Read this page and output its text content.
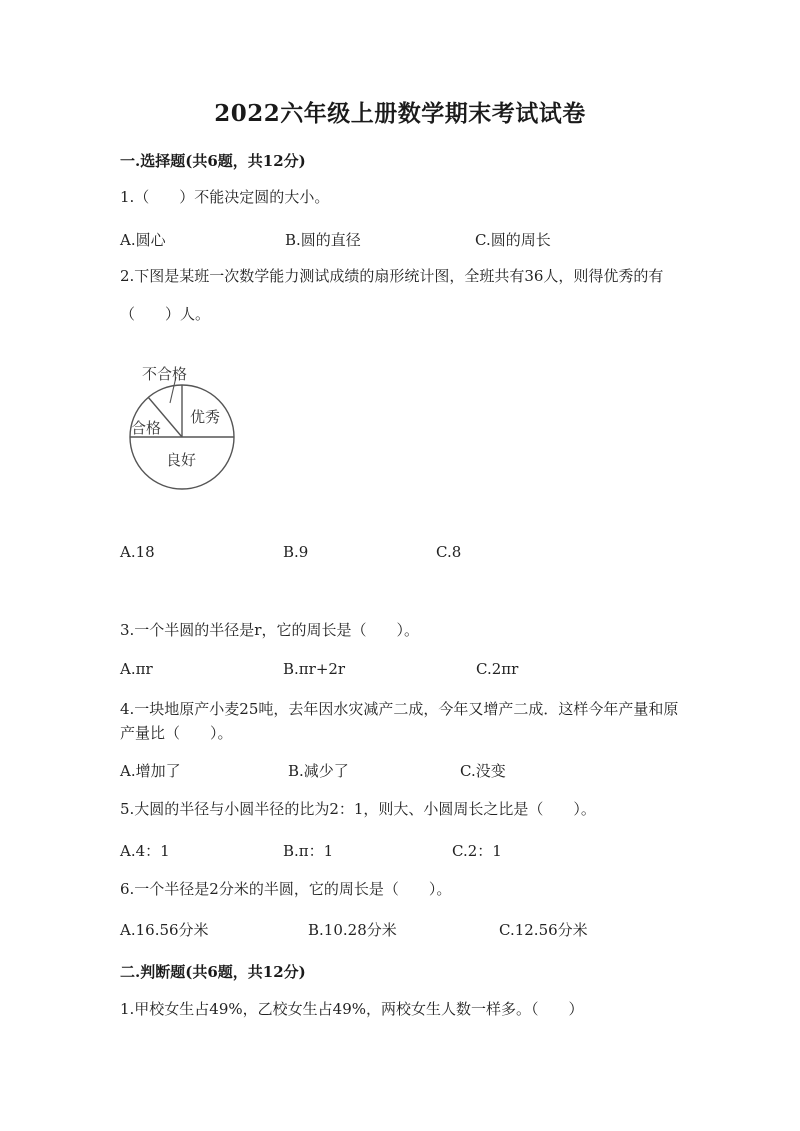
2022六年级上册数学期末考试试卷
一.选择题(共6题，共12分)
1.（　　）不能决定圆的大小。
A.圆心	B.圆的直径	C.圆的周长
2.下图是某班一次数学能力测试成绩的扇形统计图，全班共有36人，则得优秀的有（　　）人。
不合格
合格
优秀
良好
A.18	B.9	C.8
3.一个半圆的半径是r，它的周长是（　　）。
A.πr	B.πr+2r	C.2πr
4.一块地原产小麦25吨，去年因水灾减产二成，今年又增产二成．这样今年产量和原产量比（　　）。
A.增加了	B.减少了	C.没变
5.大圆的半径与小圆半径的比为2：1，则大、小圆周长之比是（　　）。
A.4：1	B.π：1	C.2：1
6.一个半径是2分米的半圆，它的周长是（　　）。
A.16.56分米	B.10.28分米	C.12.56分米
二.判断题(共6题，共12分)
1.甲校女生占49%，乙校女生占49%，两校女生人数一样多。（　　）
